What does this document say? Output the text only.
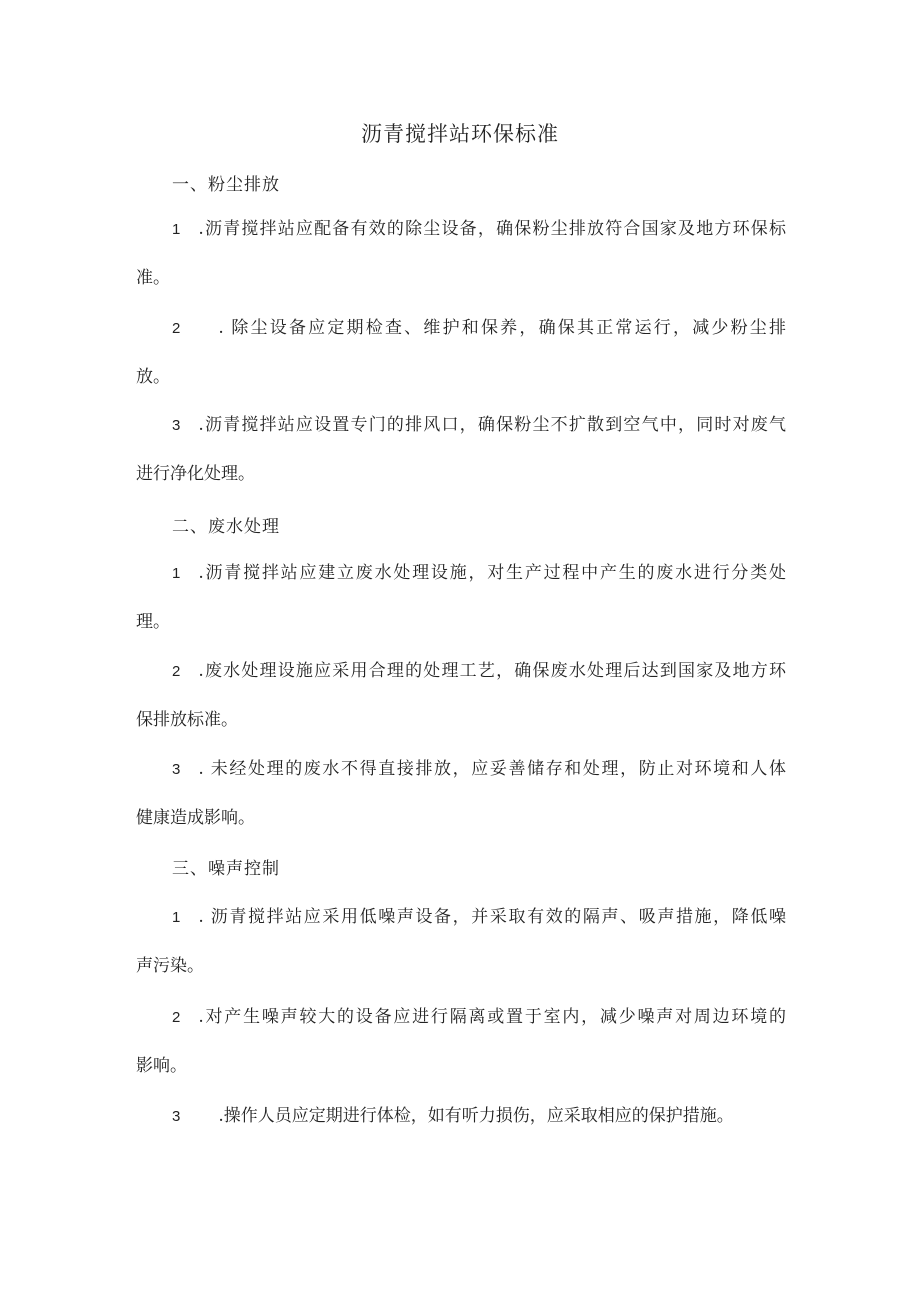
沥青搅拌站环保标准
一、粉尘排放
1 .沥青搅拌站应配备有效的除尘设备，确保粉尘排放符合国家及地方环保标
准。
2 . 除尘设备应定期检查、维护和保养，确保其正常运行，减少粉尘排
放。
3 .沥青搅拌站应设置专门的排风口，确保粉尘不扩散到空气中，同时对废气
进行净化处理。
二、废水处理
1 .沥青搅拌站应建立废水处理设施，对生产过程中产生的废水进行分类处
理。
2 .废水处理设施应采用合理的处理工艺，确保废水处理后达到国家及地方环
保排放标准。
3 . 未经处理的废水不得直接排放，应妥善储存和处理，防止对环境和人体
健康造成影响。
三、噪声控制
1 . 沥青搅拌站应采用低噪声设备，并采取有效的隔声、吸声措施，降低噪
声污染。
2 .对产生噪声较大的设备应进行隔离或置于室内，减少噪声对周边环境的
影响。
3 .操作人员应定期进行体检，如有听力损伤，应采取相应的保护措施。
